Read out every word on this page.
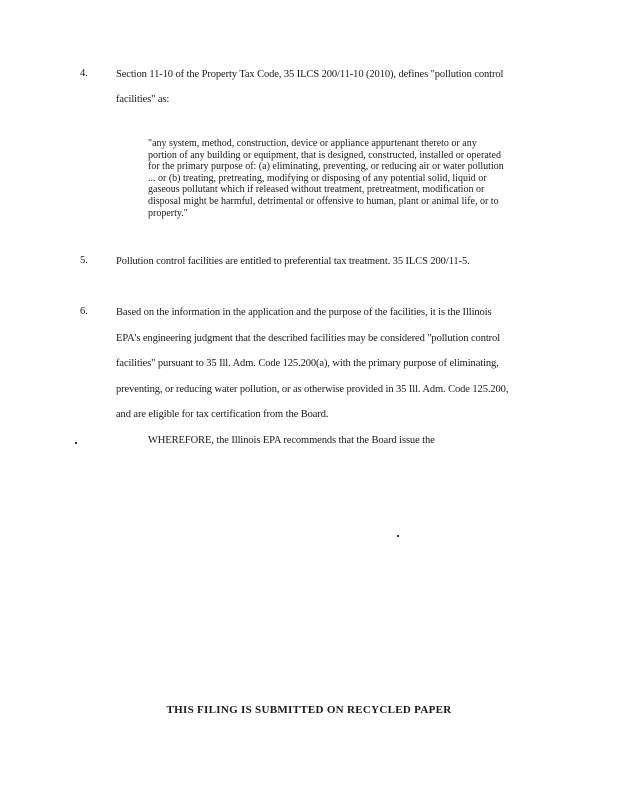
4.	Section 11-10 of the Property Tax Code, 35 ILCS 200/11-10 (2010), defines "pollution control
facilities" as:
"any system, method, construction, device or appliance appurtenant thereto or any
portion of any building or equipment, that is designed, constructed, installed or operated
for the primary purpose of: (a) eliminating, preventing, or reducing air or water pollution
... or (b) treating, pretreating, modifying or disposing of any potential solid, liquid or
gaseous pollutant which if released without treatment, pretreatment, modification or
disposal might be harmful, detrimental or offensive to human, plant or animal life, or to
property."
5.	Pollution control facilities are entitled to preferential tax treatment. 35 ILCS 200/11-5.
6.	Based on the information in the application and the purpose of the facilities, it is the Illinois
EPA's engineering judgment that the described facilities may be considered "pollution control
facilities" pursuant to 35 Ill. Adm. Code 125.200(a), with the primary purpose of eliminating,
preventing, or reducing water pollution, or as otherwise provided in 35 Ill. Adm. Code 125.200,
and are eligible for tax certification from the Board.
WHEREFORE, the Illinois EPA recommends that the Board issue the
THIS FILING IS SUBMITTED ON RECYCLED PAPER
